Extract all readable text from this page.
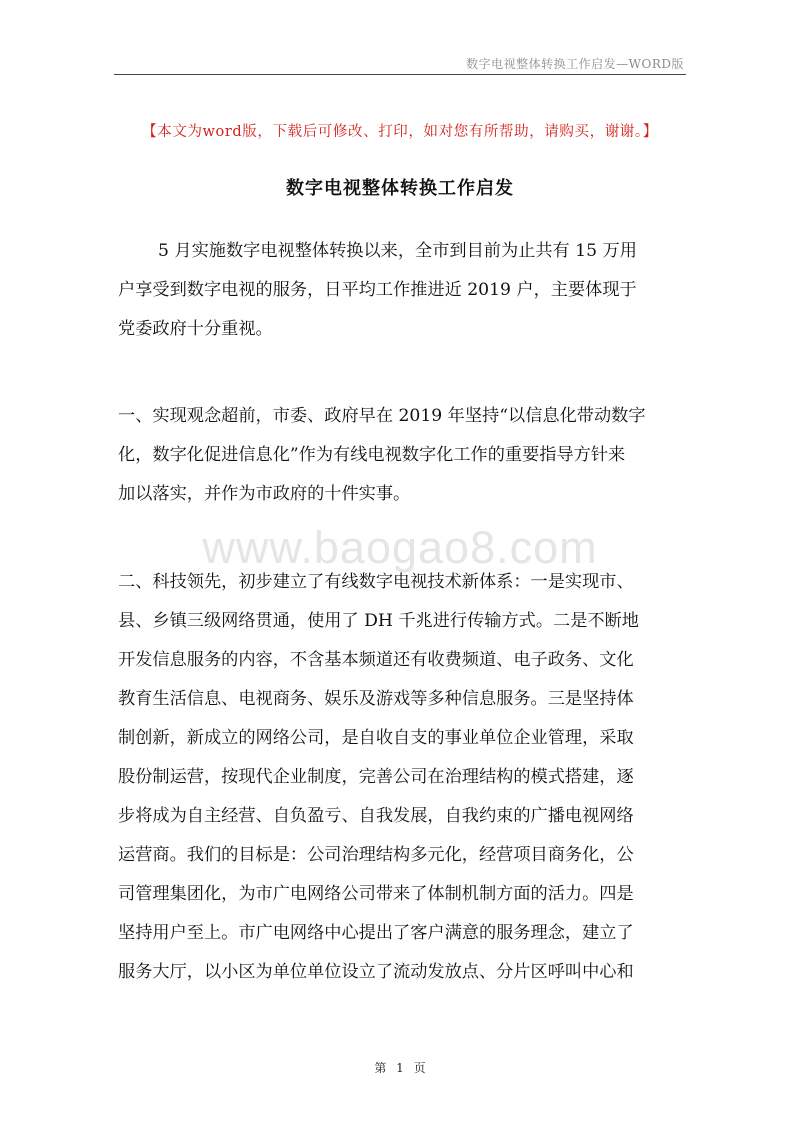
数字电视整体转换工作启发—WORD版
【本文为word版，下载后可修改、打印，如对您有所帮助，请购买，谢谢。】
数字电视整体转换工作启发
5 月实施数字电视整体转换以来，全市到目前为止共有 15 万用
户享受到数字电视的服务，日平均工作推进近 2019 户，主要体现于
党委政府十分重视。
一、实现观念超前，市委、政府早在 2019 年坚持“以信息化带动数字
化，数字化促进信息化”作为有线电视数字化工作的重要指导方针来
加以落实，并作为市政府的十件实事。
www.baogao8.com
二、科技领先，初步建立了有线数字电视技术新体系：一是实现市、
县、乡镇三级网络贯通，使用了 DH 千兆进行传输方式。二是不断地
开发信息服务的内容，不含基本频道还有收费频道、电子政务、文化
教育生活信息、电视商务、娱乐及游戏等多种信息服务。三是坚持体
制创新，新成立的网络公司，是自收自支的事业单位企业管理，采取
股份制运营，按现代企业制度，完善公司在治理结构的模式搭建，逐
步将成为自主经营、自负盈亏、自我发展，自我约束的广播电视网络
运营商。我们的目标是：公司治理结构多元化，经营项目商务化，公
司管理集团化，为市广电网络公司带来了体制机制方面的活力。四是
坚持用户至上。市广电网络中心提出了客户满意的服务理念，建立了
服务大厅，以小区为单位单位设立了流动发放点、分片区呼叫中心和
第 1 页
